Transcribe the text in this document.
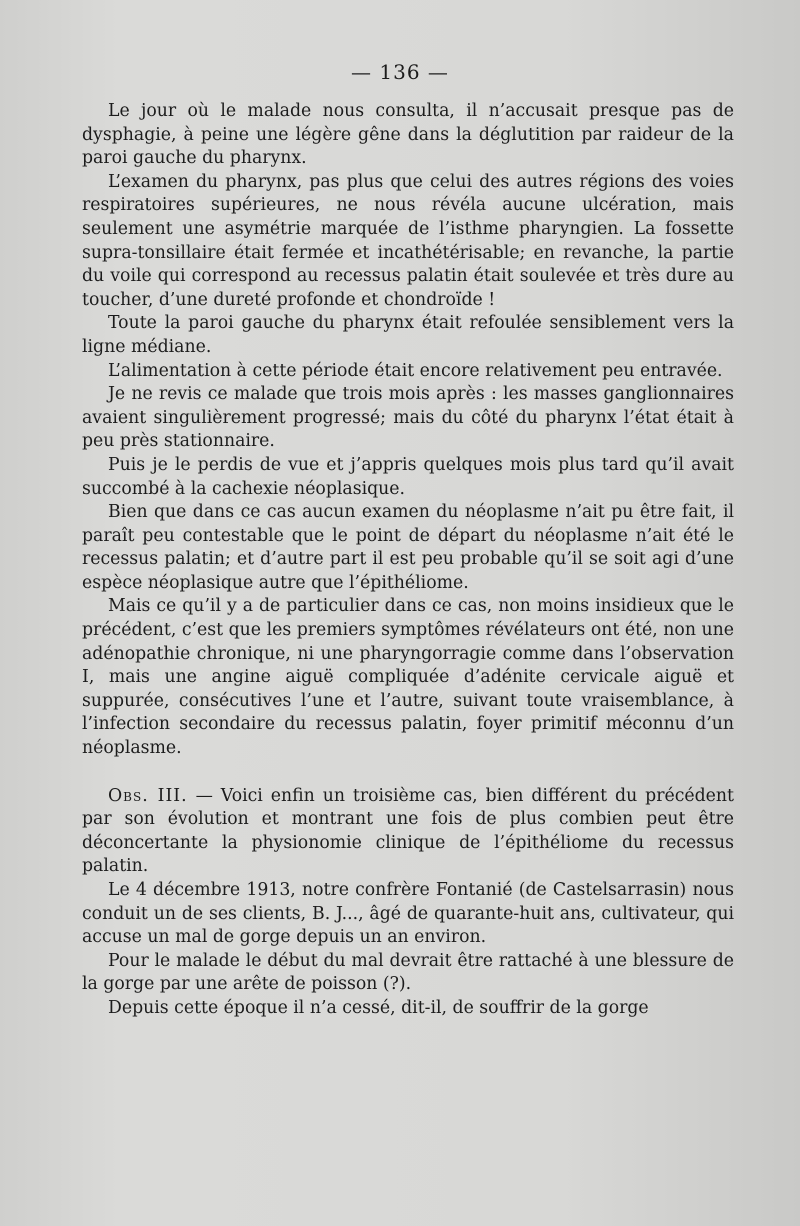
— 136 —

Le jour où le malade nous consulta, il n’accusait presque pas de dysphagie, à peine une légère gêne dans la déglutition par raideur de la paroi gauche du pharynx.

L’examen du pharynx, pas plus que celui des autres régions des voies respiratoires supérieures, ne nous révéla aucune ulcération, mais seulement une asymétrie marquée de l’isthme pharyngien. La fossette supra-tonsillaire était fermée et incathétérisable; en revanche, la partie du voile qui correspond au recessus palatin était soulevée et très dure au toucher, d’une dureté profonde et chondroïde !

Toute la paroi gauche du pharynx était refoulée sensiblement vers la ligne médiane.

L’alimentation à cette période était encore relativement peu entravée.

Je ne revis ce malade que trois mois après : les masses ganglionnaires avaient singulièrement progressé; mais du côté du pharynx l’état était à peu près stationnaire.

Puis je le perdis de vue et j’appris quelques mois plus tard qu’il avait succombé à la cachexie néoplasique.

Bien que dans ce cas aucun examen du néoplasme n’ait pu être fait, il paraît peu contestable que le point de départ du néoplasme n’ait été le recessus palatin; et d’autre part il est peu probable qu’il se soit agi d’une espèce néoplasique autre que l’épithéliome.

Mais ce qu’il y a de particulier dans ce cas, non moins insidieux que le précédent, c’est que les premiers symptômes révélateurs ont été, non une adénopathie chronique, ni une pharyngorragie comme dans l’observation I, mais une angine aiguë compliquée d’adénite cervicale aiguë et suppurée, consécutives l’une et l’autre, suivant toute vraisemblance, à l’infection secondaire du recessus palatin, foyer primitif méconnu d’un néoplasme.

Obs. III. — Voici enfin un troisième cas, bien différent du précédent par son évolution et montrant une fois de plus combien peut être déconcertante la physionomie clinique de l’épithéliome du recessus palatin.

Le 4 décembre 1913, notre confrère Fontanié (de Castelsarrasin) nous conduit un de ses clients, B. J..., âgé de quarante-huit ans, cultivateur, qui accuse un mal de gorge depuis un an environ.

Pour le malade le début du mal devrait être rattaché à une blessure de la gorge par une arête de poisson (?).

Depuis cette époque il n’a cessé, dit-il, de souffrir de la gorge
